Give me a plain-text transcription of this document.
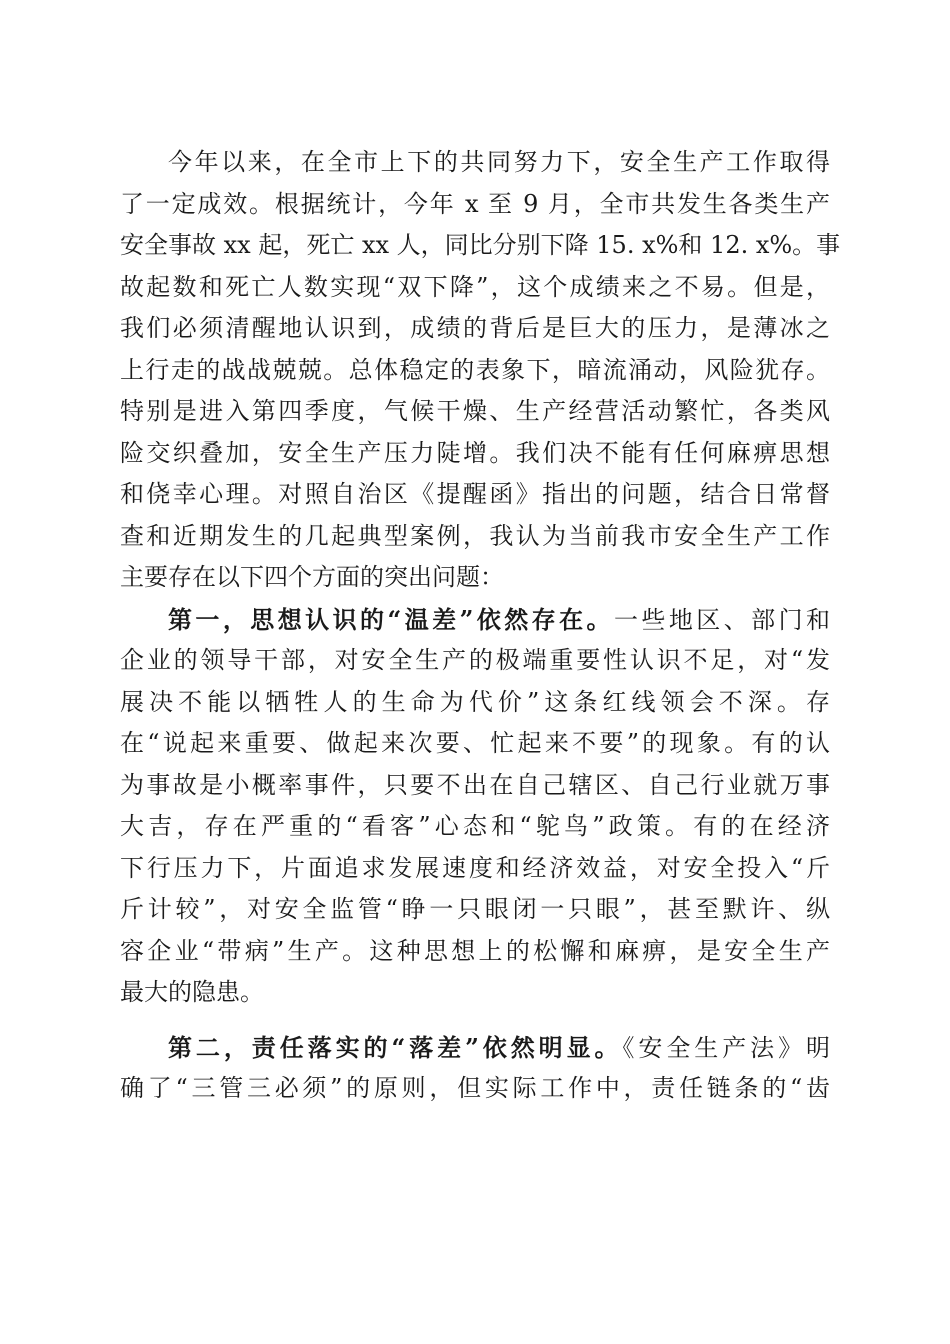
今年以来，在全市上下的共同努力下，安全生产工作取得
了一定成效。根据统计，今年 x 至 9 月，全市共发生各类生产
安全事故 xx 起，死亡 xx 人，同比分别下降 15. x%和 12. x%。事
故起数和死亡人数实现“双下降”，这个成绩来之不易。但是，
我们必须清醒地认识到，成绩的背后是巨大的压力，是薄冰之
上行走的战战兢兢。总体稳定的表象下，暗流涌动，风险犹存。
特别是进入第四季度，气候干燥、生产经营活动繁忙，各类风
险交织叠加，安全生产压力陡增。我们决不能有任何麻痹思想
和侥幸心理。对照自治区《提醒函》指出的问题，结合日常督
查和近期发生的几起典型案例，我认为当前我市安全生产工作
主要存在以下四个方面的突出问题：
第一，思想认识的“温差”依然存在。一些地区、部门和
企业的领导干部，对安全生产的极端重要性认识不足，对“发
展决不能以牺牲人的生命为代价”这条红线领会不深。存
在“说起来重要、做起来次要、忙起来不要”的现象。有的认
为事故是小概率事件，只要不出在自己辖区、自己行业就万事
大吉，存在严重的“看客”心态和“鸵鸟”政策。有的在经济
下行压力下，片面追求发展速度和经济效益，对安全投入“斤
斤计较”，对安全监管“睁一只眼闭一只眼”，甚至默许、纵
容企业“带病”生产。这种思想上的松懈和麻痹，是安全生产
最大的隐患。
第二，责任落实的“落差”依然明显。《安全生产法》明
确了“三管三必须”的原则，但实际工作中，责任链条的“齿
